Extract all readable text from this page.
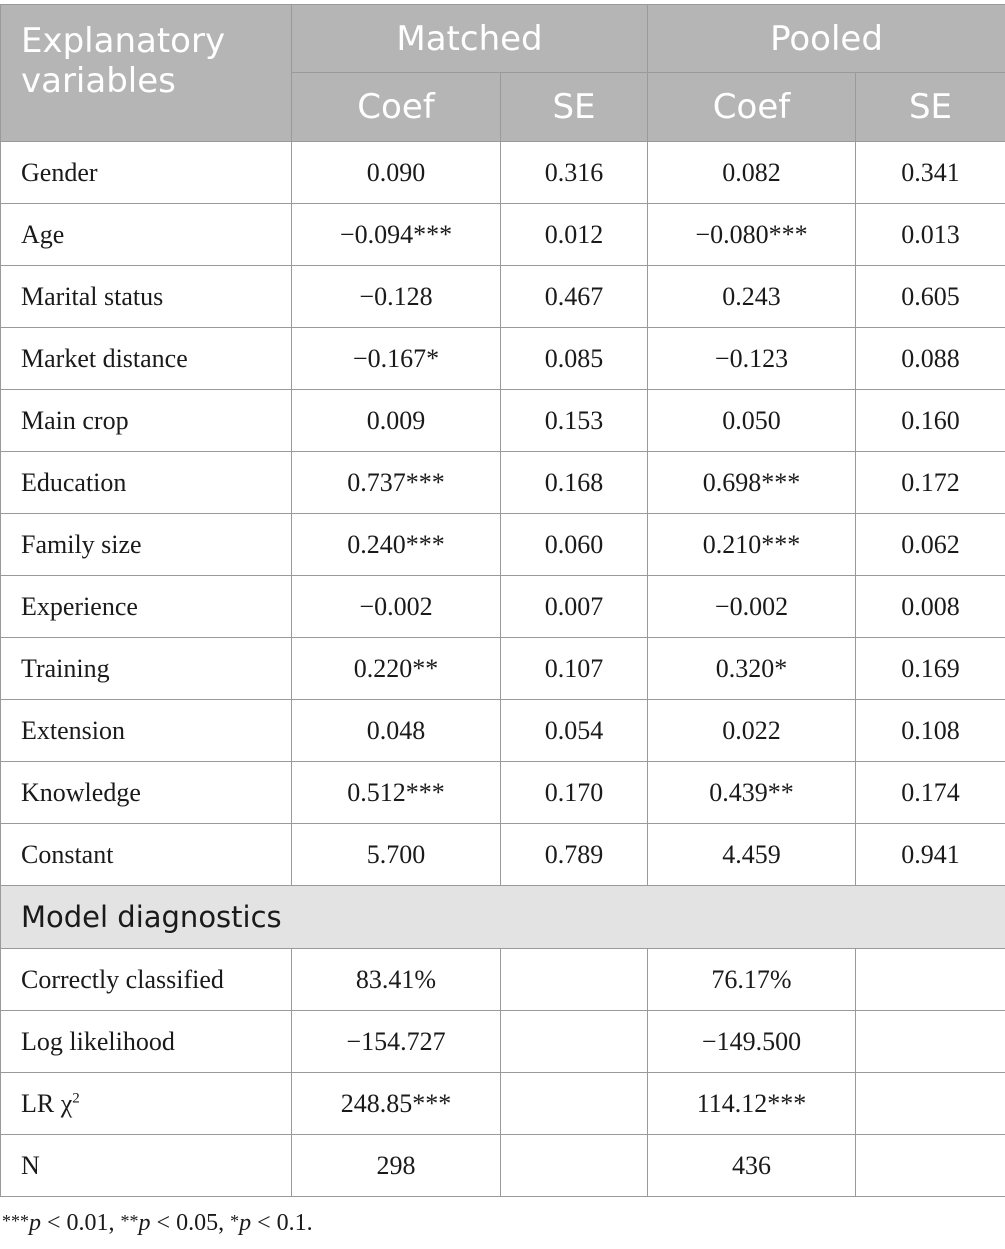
Explanatory variables	Matched		Pooled	
	Coef	SE	Coef	SE
Gender	0.090	0.316	0.082	0.341
Age	−0.094***	0.012	−0.080***	0.013
Marital status	−0.128	0.467	0.243	0.605
Market distance	−0.167*	0.085	−0.123	0.088
Main crop	0.009	0.153	0.050	0.160
Education	0.737***	0.168	0.698***	0.172
Family size	0.240***	0.060	0.210***	0.062
Experience	−0.002	0.007	−0.002	0.008
Training	0.220**	0.107	0.320*	0.169
Extension	0.048	0.054	0.022	0.108
Knowledge	0.512***	0.170	0.439**	0.174
Constant	5.700	0.789	4.459	0.941
Model diagnostics				
Correctly classified	83.41%		76.17%	
Log likelihood	−154.727		−149.500	
LR $\chi^2$	248.85***		114.12***	
N	298		436	
***p < 0.01, **p < 0.05, *p < 0.1.
